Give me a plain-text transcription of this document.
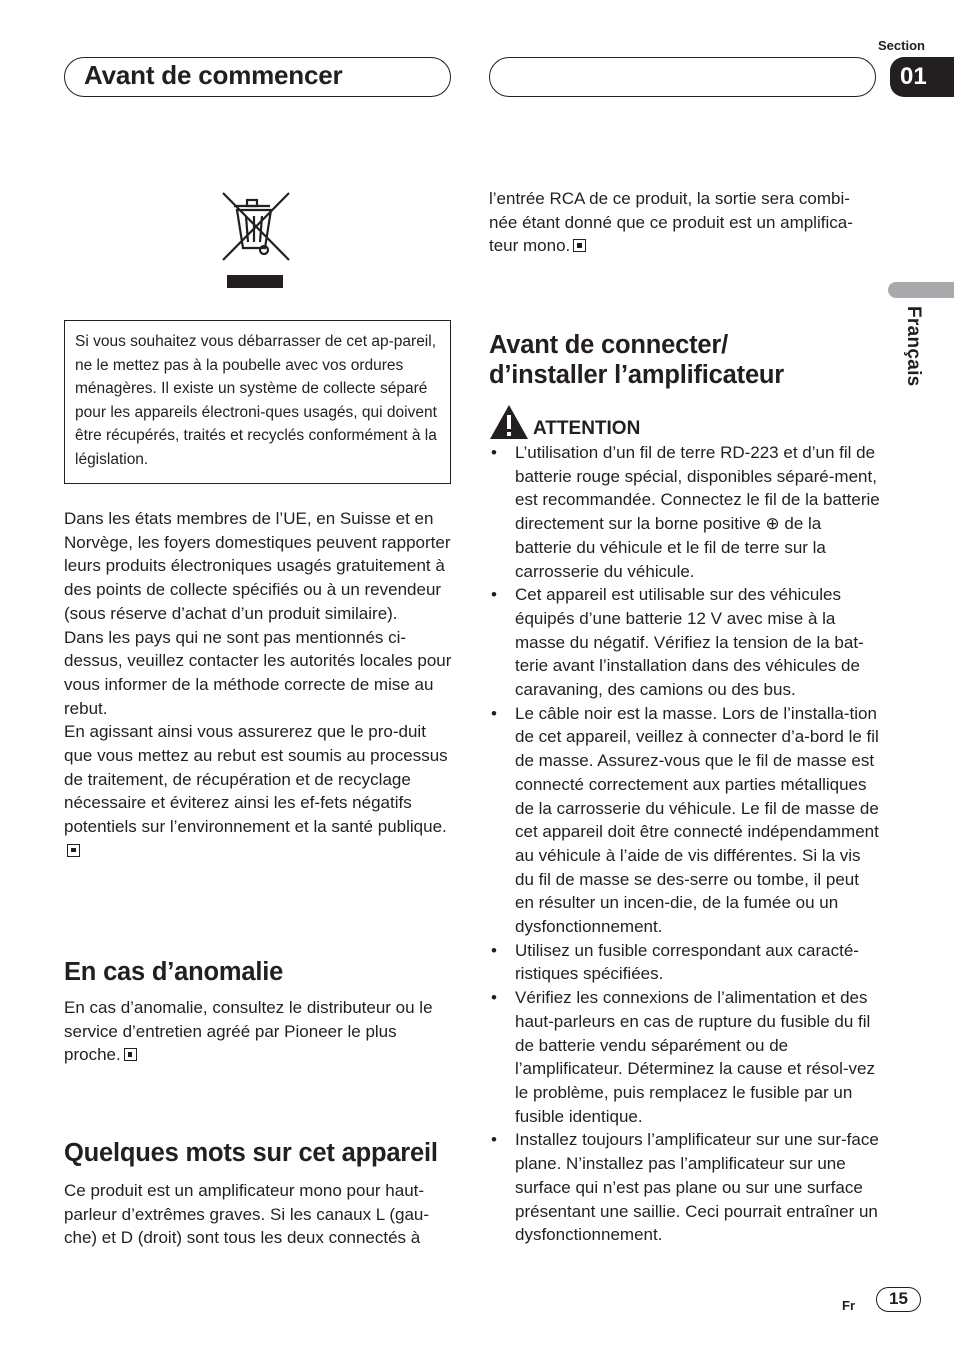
Avant de commencer
Section
01
Français
Si vous souhaitez vous débarrasser de cet ap-pareil, ne le mettez pas à la poubelle avec vos ordures ménagères. Il existe un système de collecte séparé pour les appareils électroni-ques usagés, qui doivent être récupérés, traités et recyclés conformément à la législation.

Dans les états membres de l’UE, en Suisse et en Norvège, les foyers domestiques peuvent rapporter leurs produits électroniques usagés gratuitement à des points de collecte spécifiés ou à un revendeur (sous réserve d’achat d’un produit similaire).

Dans les pays qui ne sont pas mentionnés ci-dessus, veuillez contacter les autorités locales pour vous informer de la méthode correcte de mise au rebut.

En agissant ainsi vous assurerez que le pro-duit que vous mettez au rebut est soumis au processus de traitement, de récupération et de recyclage nécessaire et éviterez ainsi les ef-fets négatifs potentiels sur l’environnement et la santé publique.

En cas d’anomalie

En cas d’anomalie, consultez le distributeur ou le service d’entretien agréé par Pioneer le plus proche.

Quelques mots sur cet appareil
Ce produit est un amplificateur mono pour haut-parleur d’extrêmes graves. Si les canaux L (gau-che) et D (droit) sont tous les deux connectés à

l’entrée RCA de ce produit, la sortie sera combi-née étant donné que ce produit est un amplifica-teur mono.

Avant de connecter/
d’installer l’amplificateur
ATTENTION
• L’utilisation d’un fil de terre RD-223 et d’un fil de batterie rouge spécial, disponibles séparé-ment, est recommandée. Connectez le fil de la batterie directement sur la borne positive ⊕ de la batterie du véhicule et le fil de terre sur la carrosserie du véhicule.
• Cet appareil est utilisable sur des véhicules équipés d’une batterie 12 V avec mise à la masse du négatif. Vérifiez la tension de la bat-terie avant l’installation dans des véhicules de caravaning, des camions ou des bus.
• Le câble noir est la masse. Lors de l’installa-tion de cet appareil, veillez à connecter d’a-bord le fil de masse. Assurez-vous que le fil de masse est connecté correctement aux parties métalliques de la carrosserie du véhicule. Le fil de masse de cet appareil doit être connecté indépendamment au véhicule à l’aide de vis différentes. Si la vis du fil de masse se des-serre ou tombe, il peut en résulter un incen-die, de la fumée ou un dysfonctionnement.
• Utilisez un fusible correspondant aux caracté-ristiques spécifiées.
• Vérifiez les connexions de l’alimentation et des haut-parleurs en cas de rupture du fusible du fil de batterie vendu séparément ou de l’amplificateur. Déterminez la cause et résol-vez le problème, puis remplacez le fusible par un fusible identique.
• Installez toujours l’amplificateur sur une sur-face plane. N’installez pas l’amplificateur sur une surface qui n’est pas plane ou sur une surface présentant une saillie. Ceci pourrait entraîner un dysfonctionnement.
Fr	15
